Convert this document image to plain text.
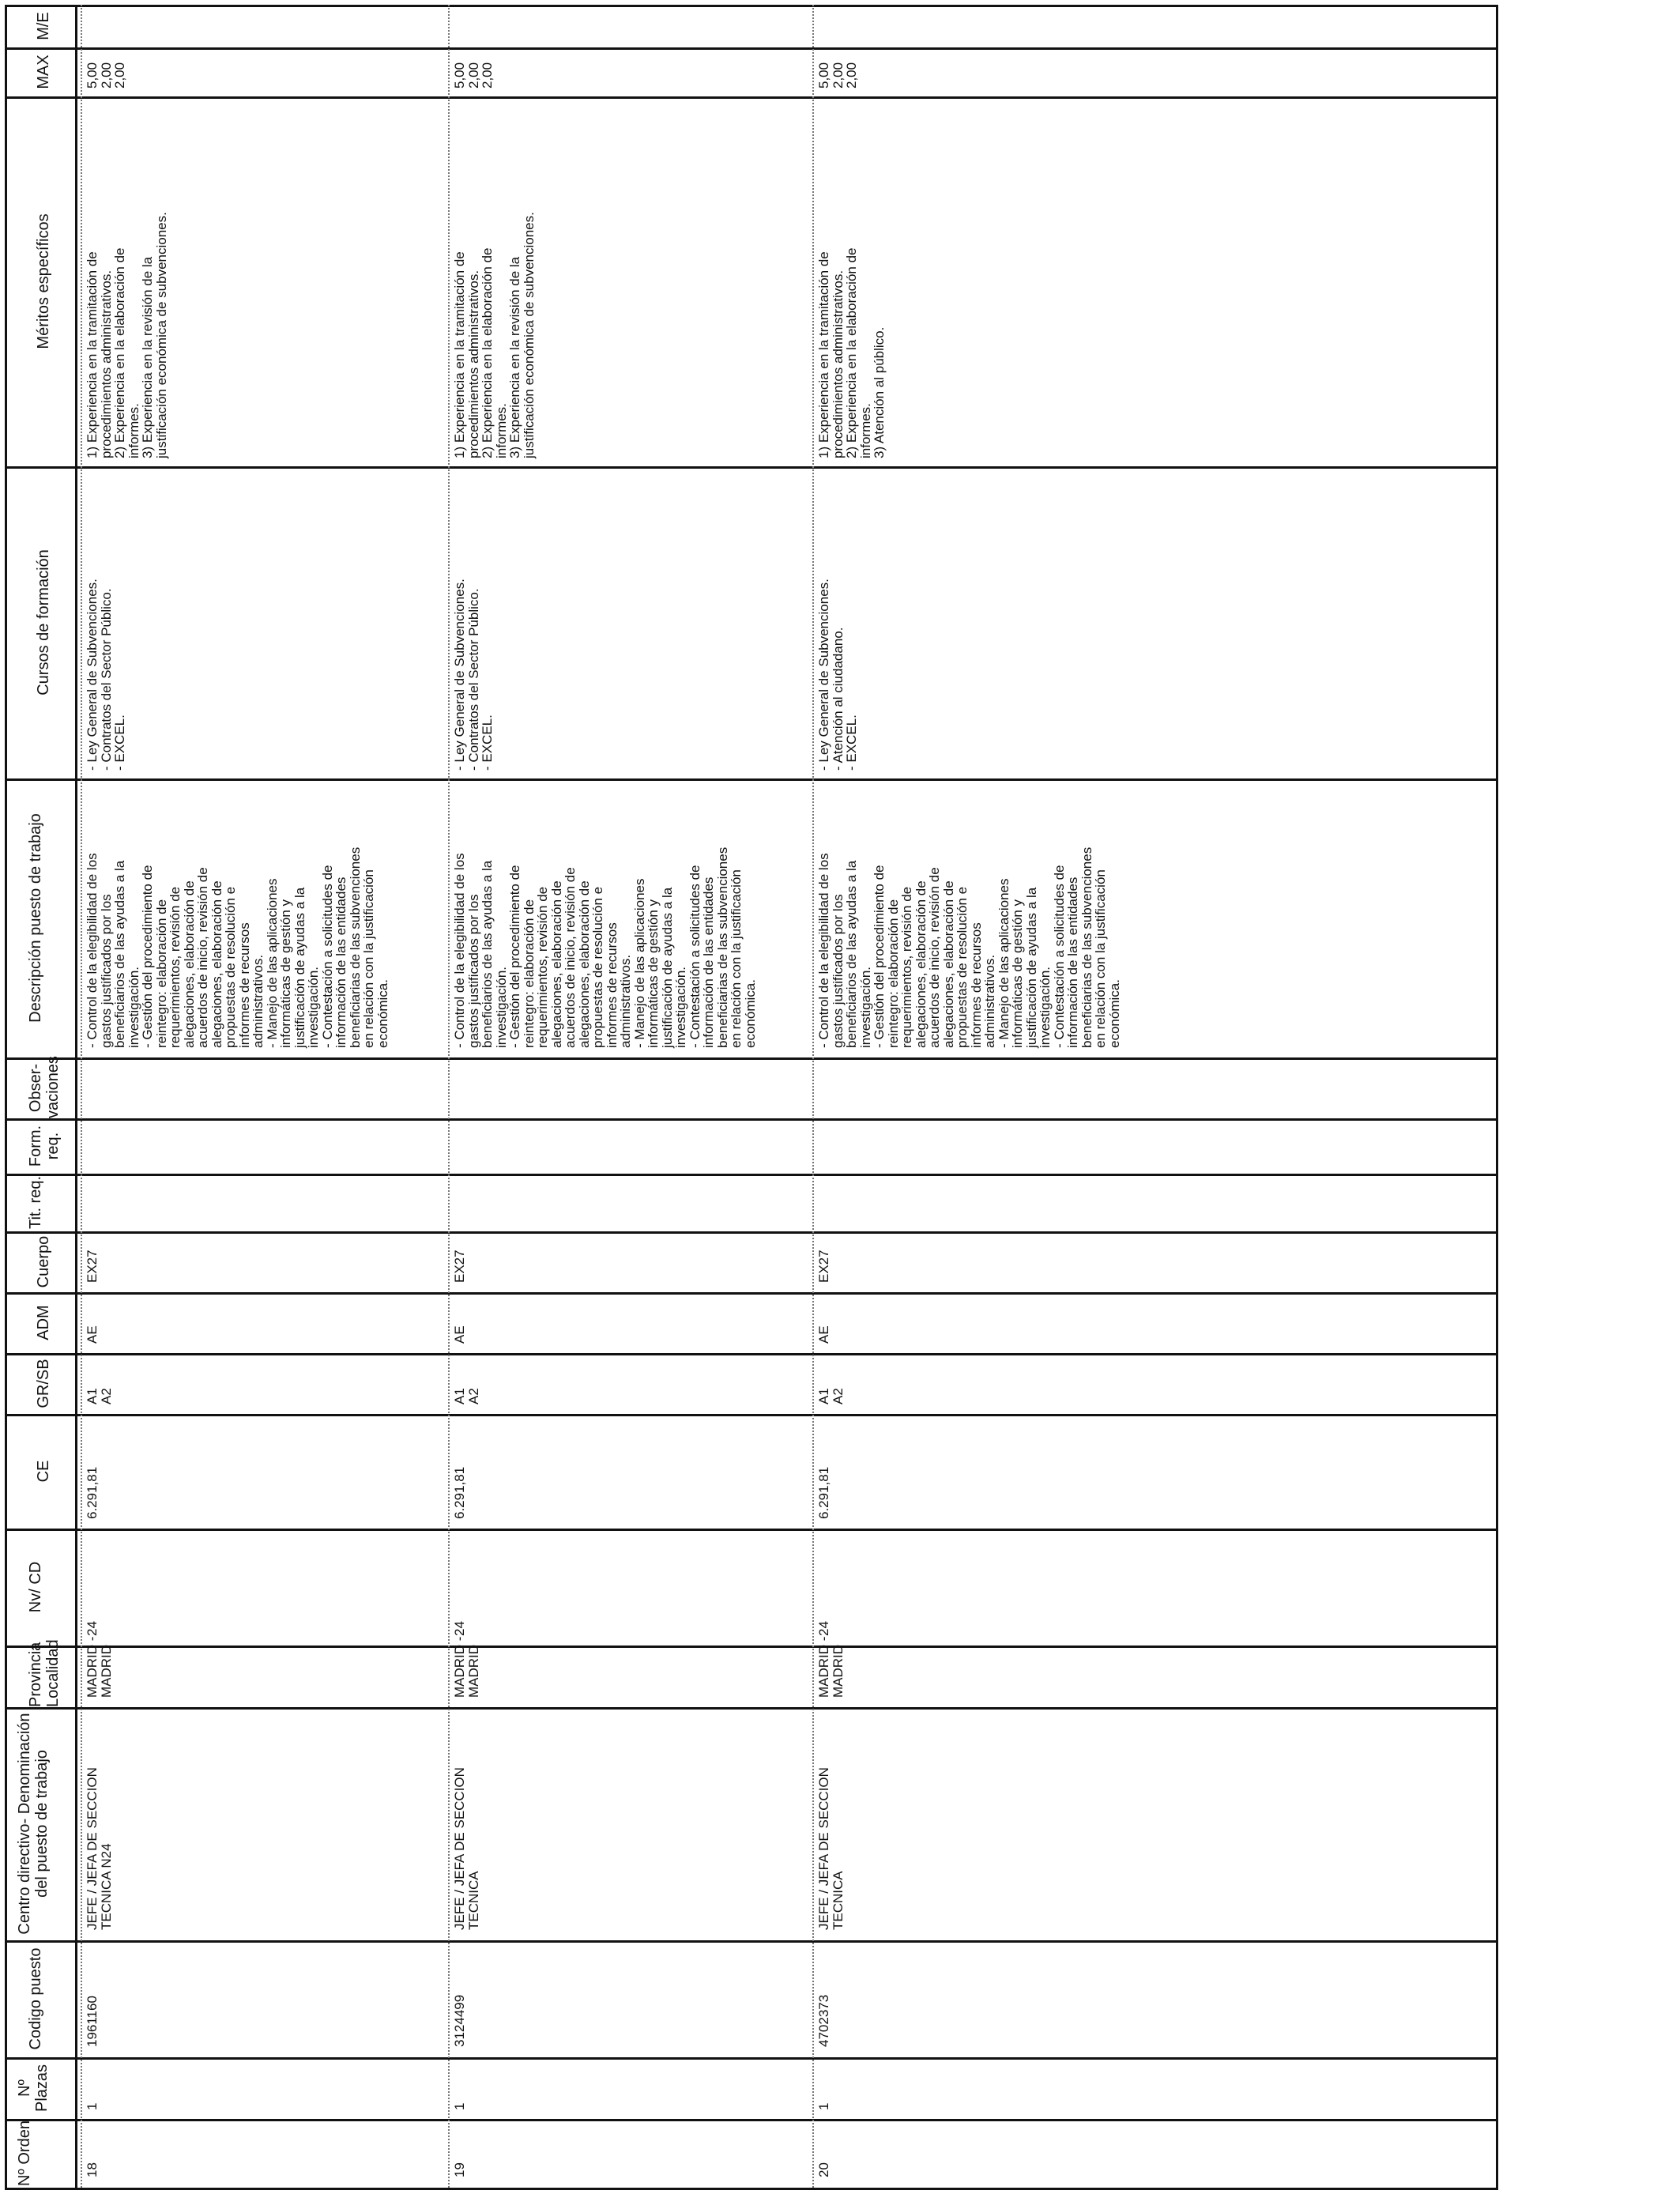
Nº Orden
Nº Plazas
Codigo puesto
Centro directivo- Denominación del puesto de trabajo
Provincia Localidad
Nv/ CD
CE
GR/SB
ADM
Cuerpo
Tit. req.
Form. req.
Obser- vaciones
Descripción puesto de trabajo
Cursos de formación
Méritos específicos
MAX
M/E
18
1
1961160
JEFE / JEFA DE SECCION
TECNICA N24
MADRID -
MADRID
24
6.291,81
A1
A2
AE
EX27
- Control de la elegibilidad de los
gastos justificados por los
beneficiarios de las ayudas a la
investigación.
- Gestión del procedimiento de
reintegro: elaboración de
requerimientos, revisión de
alegaciones, elaboración de
acuerdos de inicio, revisión de
alegaciones, elaboración de
propuestas de resolución e
informes de recursos
administrativos.
- Manejo de las aplicaciones
informáticas de gestión y
justificación de ayudas a la
investigación.
- Contestación a solicitudes de
información de las entidades
beneficiarias de las subvenciones
en relación con la justificación
económica.
- Ley General de Subvenciones.
- Contratos del Sector Público.
- EXCEL.
1) Experiencia en la tramitación de
procedimientos administrativos.
2) Experiencia en la elaboración de
informes.
3) Experiencia en la revisión de la
justificación económica de subvenciones.
5,00
2,00
2,00
19
1
3124499
JEFE / JEFA DE SECCION
TECNICA
MADRID -
MADRID
24
6.291,81
A1
A2
AE
EX27
- Control de la elegibilidad de los
gastos justificados por los
beneficiarios de las ayudas a la
investigación.
- Gestión del procedimiento de
reintegro: elaboración de
requerimientos, revisión de
alegaciones, elaboración de
acuerdos de inicio, revisión de
alegaciones, elaboración de
propuestas de resolución e
informes de recursos
administrativos.
- Manejo de las aplicaciones
informáticas de gestión y
justificación de ayudas a la
investigación.
- Contestación a solicitudes de
información de las entidades
beneficiarias de las subvenciones
en relación con la justificación
económica.
- Ley General de Subvenciones.
- Contratos del Sector Público.
- EXCEL.
1) Experiencia en la tramitación de
procedimientos administrativos.
2) Experiencia en la elaboración de
informes.
3) Experiencia en la revisión de la
justificación económica de subvenciones.
5,00
2,00
2,00
20
1
4702373
JEFE / JEFA DE SECCION
TECNICA
MADRID -
MADRID
24
6.291,81
A1
A2
AE
EX27
- Control de la elegibilidad de los
gastos justificados por los
beneficiarios de las ayudas a la
investigación.
- Gestión del procedimiento de
reintegro: elaboración de
requerimientos, revisión de
alegaciones, elaboración de
acuerdos de inicio, revisión de
alegaciones, elaboración de
propuestas de resolución e
informes de recursos
administrativos.
- Manejo de las aplicaciones
informáticas de gestión y
justificación de ayudas a la
investigación.
- Contestación a solicitudes de
información de las entidades
beneficiarias de las subvenciones
en relación con la justificación
económica.
- Ley General de Subvenciones.
- Atención al ciudadano.
- EXCEL.
1) Experiencia en la tramitación de
procedimientos administrativos.
2) Experiencia en la elaboración de
informes.
3) Atención al público.
5,00
2,00
2,00
